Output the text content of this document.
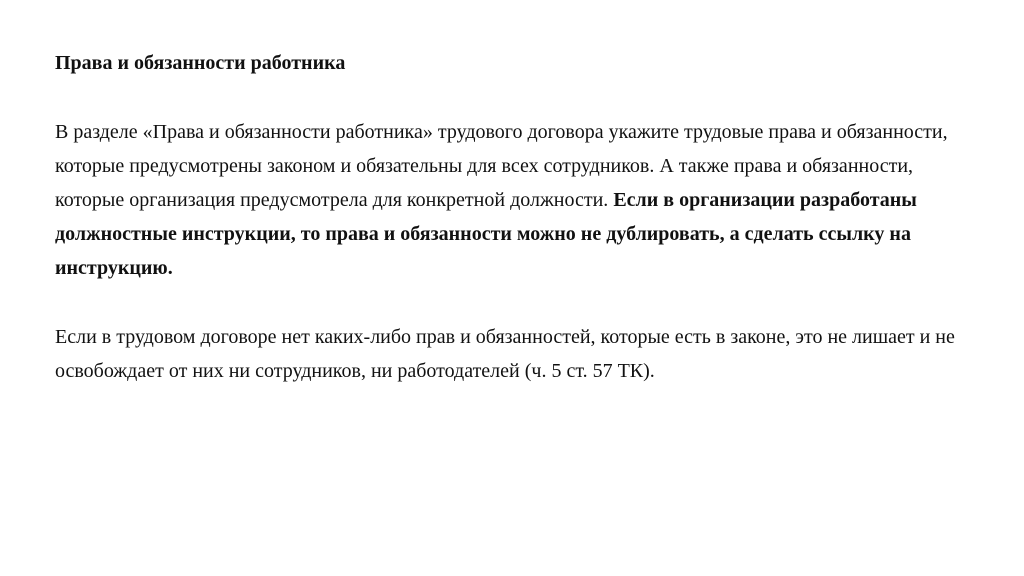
Права и обязанности работника

В разделе «Права и обязанности работника» трудового договора укажите трудовые права и обязанности, которые предусмотрены законом и обязательны для всех сотрудников. А также права и обязанности, которые организация предусмотрела для конкретной должности. Если в организации разработаны должностные инструкции, то права и обязанности можно не дублировать, а сделать ссылку на инструкцию.

Если в трудовом договоре нет каких-либо прав и обязанностей, которые есть в законе, это не лишает и не освобождает от них ни сотрудников, ни работодателей (ч. 5 ст. 57 ТК).
